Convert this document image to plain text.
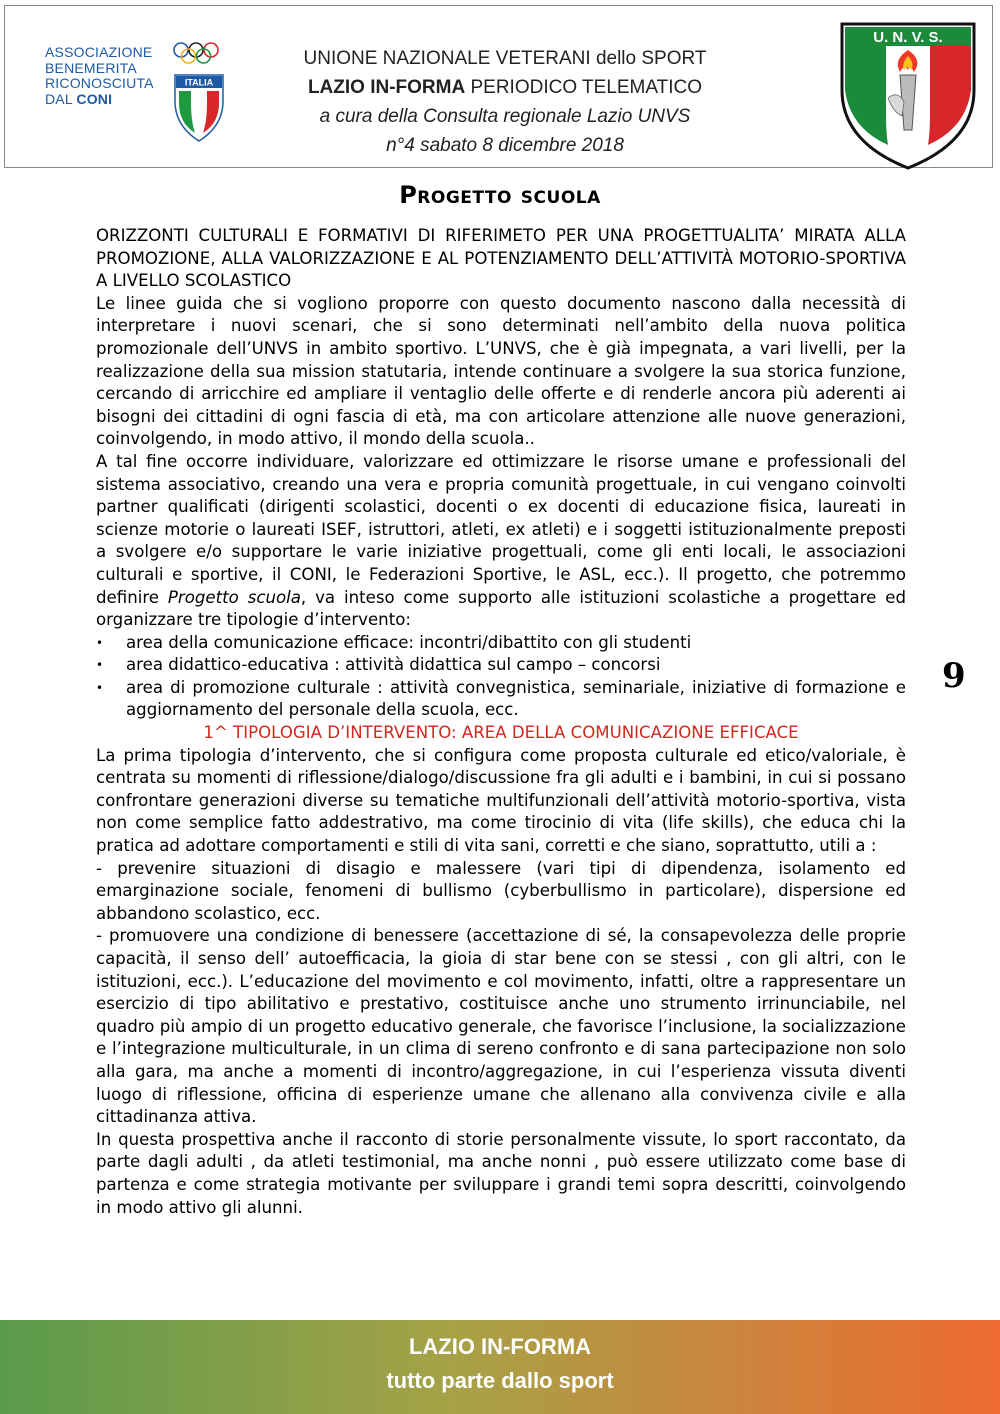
ASSOCIAZIONE
BENEMERITA
RICONOSCIUTA
DAL CONI
ITALIA
UNIONE NAZIONALE VETERANI dello SPORT
LAZIO IN-FORMA PERIODICO TELEMATICO
a cura della Consulta regionale Lazio UNVS
n°4 sabato 8 dicembre 2018
U. N. V. S.
Progetto scuola

ORIZZONTI CULTURALI E FORMATIVI DI RIFERIMETO PER UNA PROGETTUALITA’ MIRATA ALLA PROMOZIONE, ALLA VALORIZZAZIONE E AL POTENZIAMENTO DELL’ATTIVITÀ MOTORIO-SPORTIVA A LIVELLO SCOLASTICO

Le linee guida che si vogliono proporre con questo documento nascono dalla necessità di interpretare i nuovi scenari, che si sono determinati nell’ambito della nuova politica promozionale dell’UNVS in ambito sportivo. L’UNVS, che è già impegnata, a vari livelli, per la realizzazione della sua mission statutaria, intende continuare a svolgere la sua storica funzione, cercando di arricchire ed ampliare il ventaglio delle offerte e di renderle ancora più aderenti ai bisogni dei cittadini di ogni fascia di età, ma con articolare attenzione alle nuove generazioni, coinvolgendo, in modo attivo, il mondo della scuola..

A tal fine occorre individuare, valorizzare ed ottimizzare le risorse umane e professionali del sistema associativo, creando una vera e propria comunità progettuale, in cui vengano coinvolti partner qualificati (dirigenti scolastici, docenti o ex docenti di educazione fisica, laureati in scienze motorie o laureati ISEF, istruttori, atleti, ex atleti) e i soggetti istituzionalmente preposti a svolgere e/o supportare le varie iniziative progettuali, come gli enti locali, le associazioni culturali e sportive, il CONI, le Federazioni Sportive, le ASL, ecc.). Il progetto, che potremmo definire Progetto scuola, va inteso come supporto alle istituzioni scolastiche a progettare ed organizzare tre tipologie d’intervento:

• area della comunicazione efficace: incontri/dibattito con gli studenti
• area didattico-educativa : attività didattica sul campo – concorsi
• area di promozione culturale : attività convegnistica, seminariale, iniziative di formazione e aggiornamento del personale della scuola, ecc.

1^ TIPOLOGIA D’INTERVENTO: AREA DELLA COMUNICAZIONE EFFICACE

La prima tipologia d’intervento, che si configura come proposta culturale ed etico/valoriale, è centrata su momenti di riflessione/dialogo/discussione fra gli adulti e i bambini, in cui si possano confrontare generazioni diverse su tematiche multifunzionali dell’attività motorio-sportiva, vista non come semplice fatto addestrativo, ma come tirocinio di vita (life skills), che educa chi la pratica ad adottare comportamenti e stili di vita sani, corretti e che siano, soprattutto, utili a :

- prevenire situazioni di disagio e malessere (vari tipi di dipendenza, isolamento ed emarginazione sociale, fenomeni di bullismo (cyberbullismo in particolare), dispersione ed abbandono scolastico, ecc.

- promuovere una condizione di benessere (accettazione di sé, la consapevolezza delle proprie capacità, il senso dell’ autoefficacia, la gioia di star bene con se stessi , con gli altri, con le istituzioni, ecc.). L’educazione del movimento e col movimento, infatti, oltre a rappresentare un esercizio di tipo abilitativo e prestativo, costituisce anche uno strumento irrinunciabile, nel quadro più ampio di un progetto educativo generale, che favorisce l’inclusione, la socializzazione e l’integrazione multiculturale, in un clima di sereno confronto e di sana partecipazione non solo alla gara, ma anche a momenti di incontro/aggregazione, in cui l’esperienza vissuta diventi luogo di riflessione, officina di esperienze umane che allenano alla convivenza civile e alla cittadinanza attiva.

In questa prospettiva anche il racconto di storie personalmente vissute, lo sport raccontato, da parte dagli adulti , da atleti testimonial, ma anche nonni , può essere utilizzato come base di partenza e come strategia motivante per sviluppare i grandi temi sopra descritti, coinvolgendo in modo attivo gli alunni.

9
LAZIO IN-FORMA
tutto parte dallo sport
